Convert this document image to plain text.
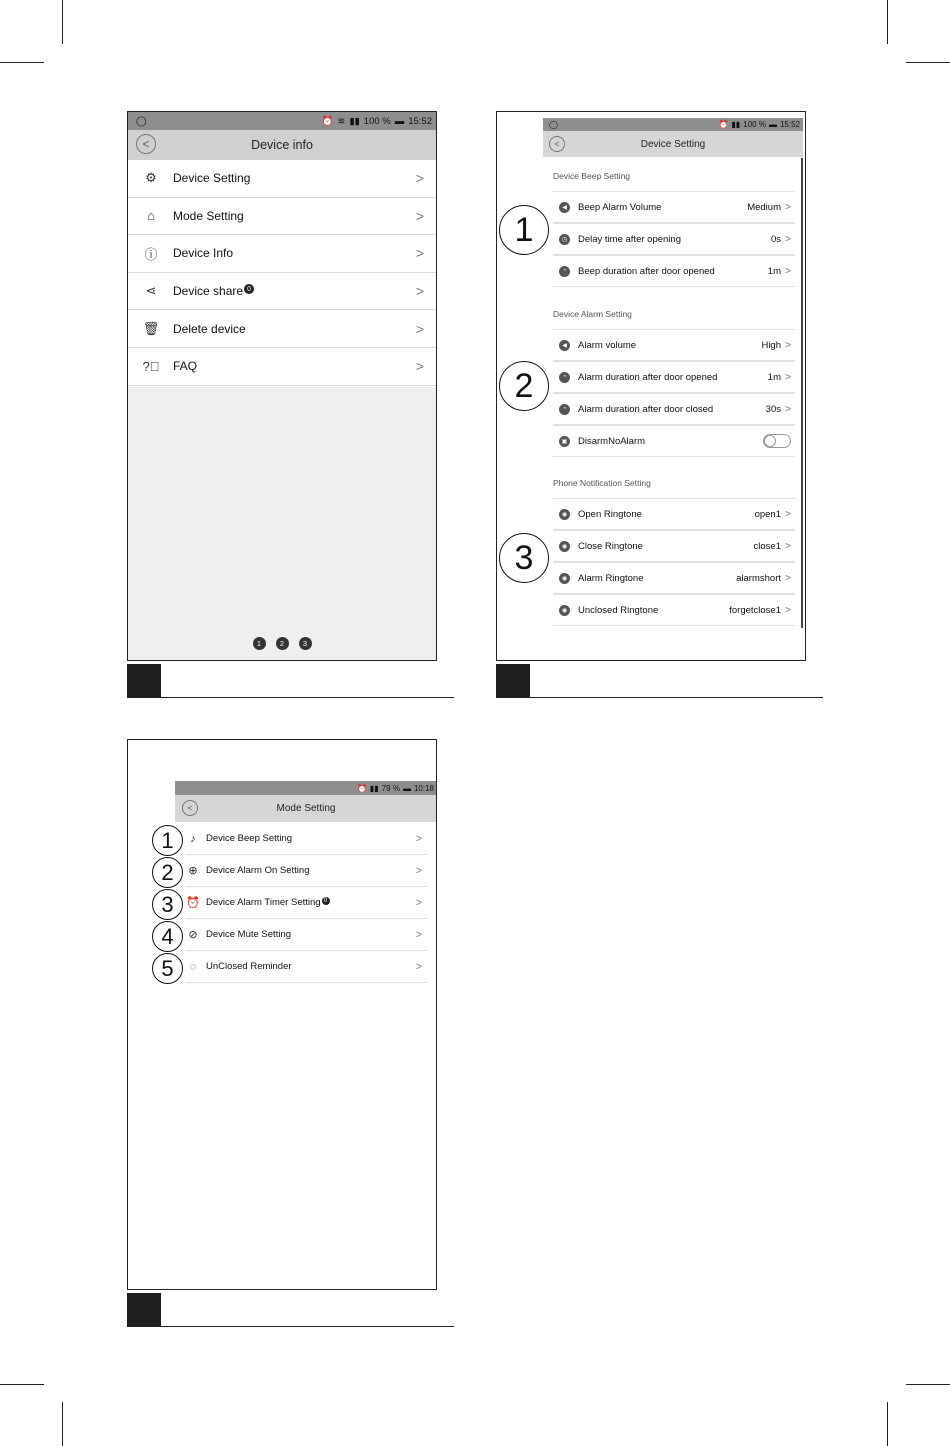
◯	⏰ ≋ ▮▮ 100 % ▬ 15:52
<	Device info
⚙ Device Setting	>
⌂	Mode Setting	>
ⓘ Device Info	>
⋖ Device share 0	>
🗑 Delete device	>
?⃝ FAQ	>
1	2	3
◯	⏰ ▮▮ 100 % ▬ 15:52
<	Device Setting
Device Beep Setting
◀	Beep Alarm Volume	Medium >
◷	Delay time after opening	0s >
◔	Beep duration after door opened	1m >
Device Alarm Setting
◀	Alarm volume	High >
◔	Alarm duration after door opened	1m >
◔	Alarm duration after door closed	30s >
▣ DisarmNoAlarm
Phone Notification Setting
◉	Open Ringtone	open1 >
◉	Close Ringtone	close1 >
◉	Alarm Ringtone	alarmshort >
◉	Unclosed Ringtone	forgetclose1 >
1
2
3
⏰ ▮▮ 79 % ▬ 10:18
<	Mode Setting
♪	Device Beep Setting	>
⊕ Device Alarm On Setting	>
⏰ Device Alarm Timer Setting 0	>
⊘ Device Mute Setting	>
◌	UnClosed Reminder	>
1
2
3
4
5
